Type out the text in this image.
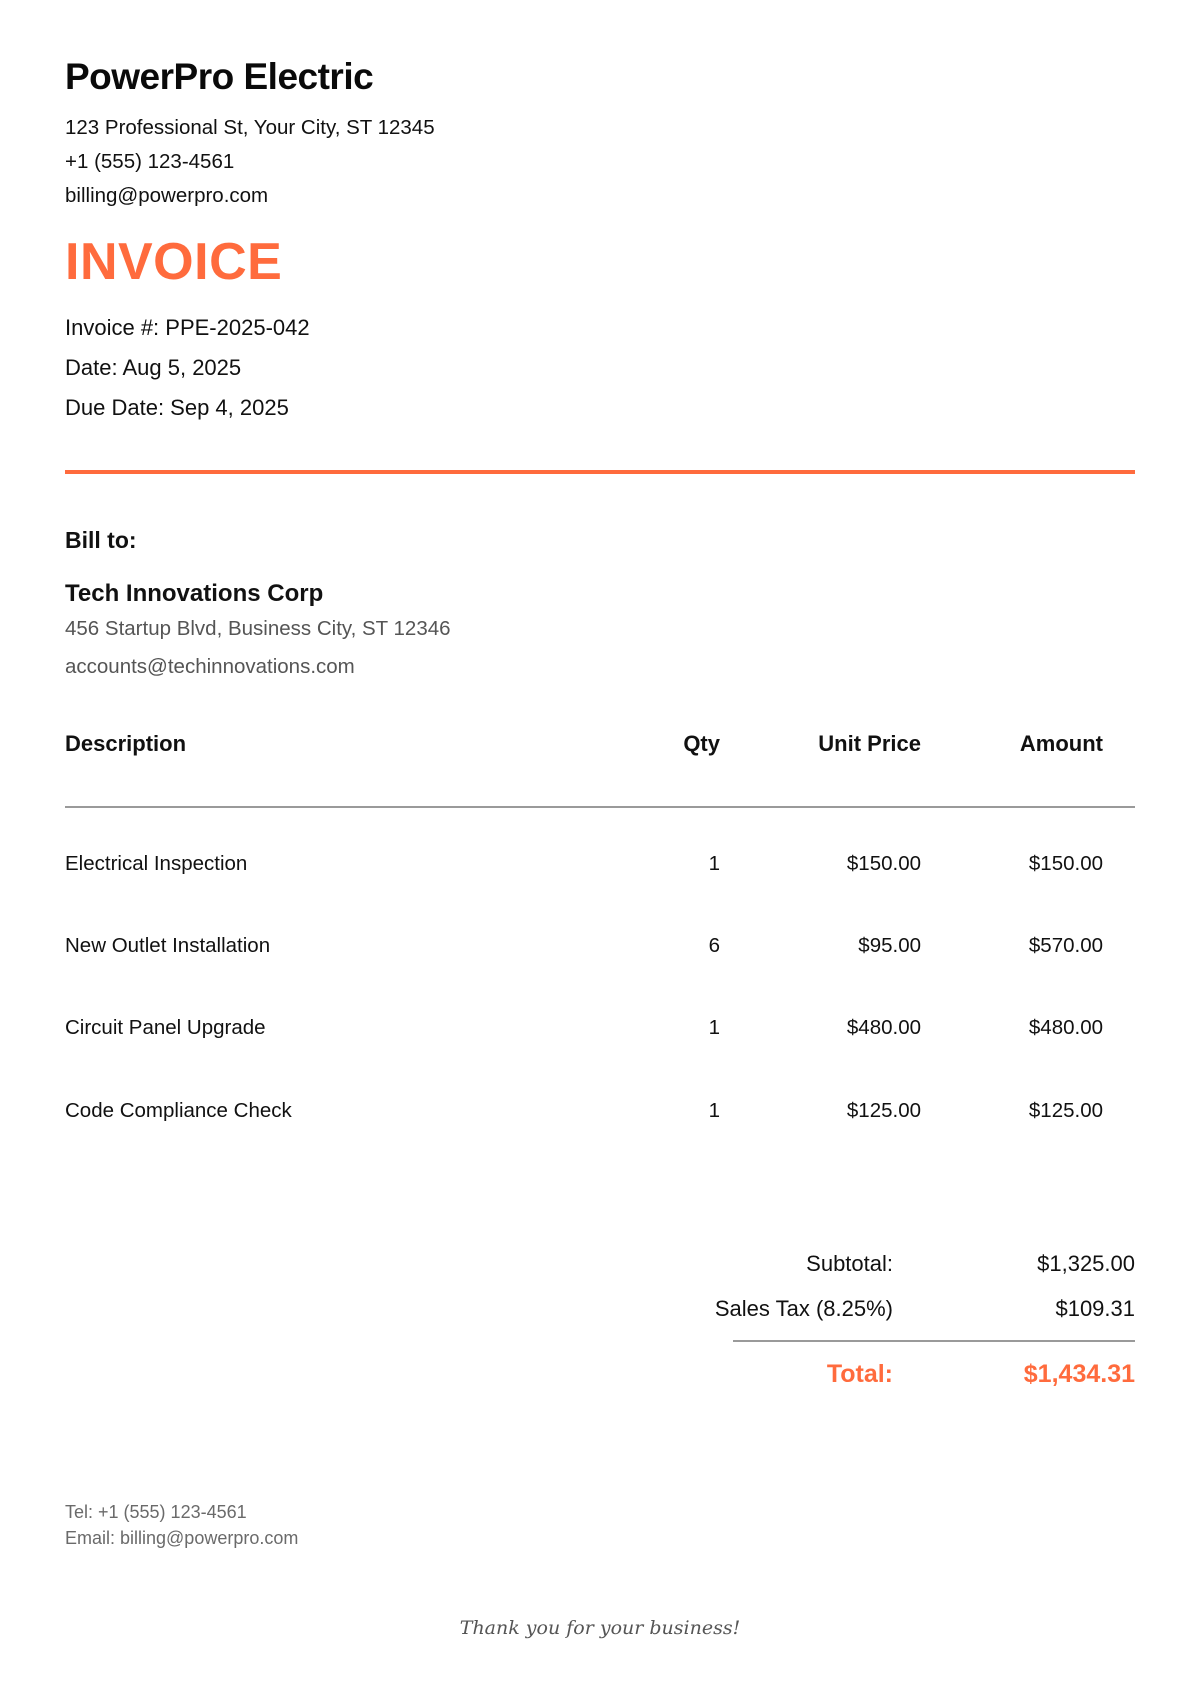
PowerPro Electric
123 Professional St, Your City, ST 12345
+1 (555) 123-4561
billing@powerpro.com
INVOICE
Invoice #: PPE-2025-042
Date: Aug 5, 2025
Due Date: Sep 4, 2025
Bill to:
Tech Innovations Corp
456 Startup Blvd, Business City, ST 12346
accounts@techinnovations.com
Description	Qty	Unit Price	Amount
Electrical Inspection	1	$150.00	$150.00
New Outlet Installation	6	$95.00	$570.00
Circuit Panel Upgrade	1	$480.00	$480.00
Code Compliance Check	1	$125.00	$125.00
Subtotal:	$1,325.00
Sales Tax (8.25%)	$109.31
Total:	$1,434.31
Tel: +1 (555) 123-4561
Email: billing@powerpro.com
Thank you for your business!
